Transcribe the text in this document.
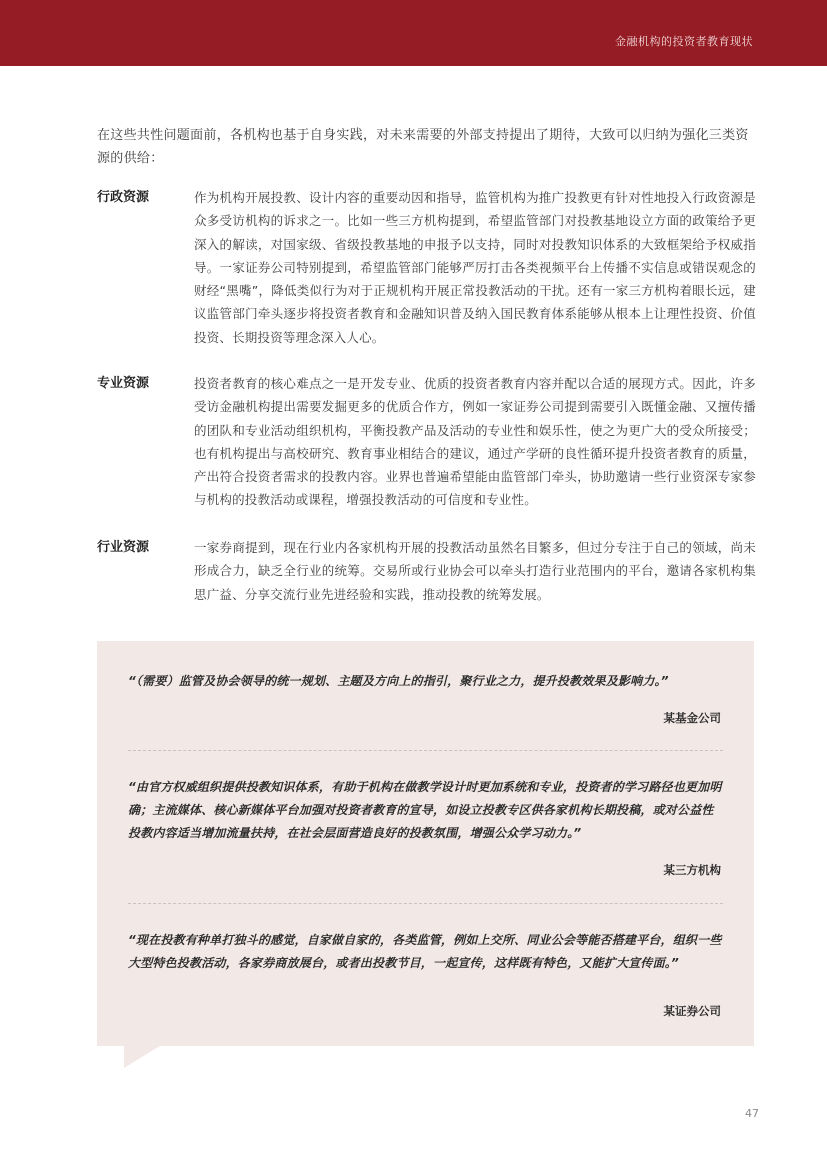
金融机构的投资者教育现状

在这些共性问题面前，各机构也基于自身实践，对未来需要的外部支持提出了期待，大致可以归纳为强化三类资源的供给：

行政资源	作为机构开展投教、设计内容的重要动因和指导，监管机构为推广投教更有针对性地投入行政资源是众多受访机构的诉求之一。比如一些三方机构提到，希望监管部门对投教基地设立方面的政策给予更深入的解读，对国家级、省级投教基地的申报予以支持，同时对投教知识体系的大致框架给予权威指导。一家证券公司特别提到，希望监管部门能够严厉打击各类视频平台上传播不实信息或错误观念的财经“黑嘴”，降低类似行为对于正规机构开展正常投教活动的干扰。还有一家三方机构着眼长远，建议监管部门牵头逐步将投资者教育和金融知识普及纳入国民教育体系能够从根本上让理性投资、价值投资、长期投资等理念深入人心。
专业资源	投资者教育的核心难点之一是开发专业、优质的投资者教育内容并配以合适的展现方式。因此，许多受访金融机构提出需要发掘更多的优质合作方，例如一家证券公司提到需要引入既懂金融、又擅传播的团队和专业活动组织机构，平衡投教产品及活动的专业性和娱乐性，使之为更广大的受众所接受；也有机构提出与高校研究、教育事业相结合的建议，通过产学研的良性循环提升投资者教育的质量，产出符合投资者需求的投教内容。业界也普遍希望能由监管部门牵头，协助邀请一些行业资深专家参与机构的投教活动或课程，增强投教活动的可信度和专业性。
行业资源	一家券商提到，现在行业内各家机构开展的投教活动虽然名目繁多，但过分专注于自己的领域，尚未形成合力，缺乏全行业的统筹。交易所或行业协会可以牵头打造行业范围内的平台，邀请各家机构集思广益、分享交流行业先进经验和实践，推动投教的统筹发展。
“（需要）监管及协会领导的统一规划、主题及方向上的指引，聚行业之力，提升投教效果及影响力。”
某基金公司
“由官方权威组织提供投教知识体系，有助于机构在做教学设计时更加系统和专业，投资者的学习路径也更加明确；主流媒体、核心新媒体平台加强对投资者教育的宣导，如设立投教专区供各家机构长期投稿，或对公益性投教内容适当增加流量扶持，在社会层面营造良好的投教氛围，增强公众学习动力。”
某三方机构
“现在投教有种单打独斗的感觉，自家做自家的，各类监管，例如上交所、同业公会等能否搭建平台，组织一些大型特色投教活动，各家券商放展台，或者出投教节目，一起宣传，这样既有特色，又能扩大宣传面。”
某证券公司
47
